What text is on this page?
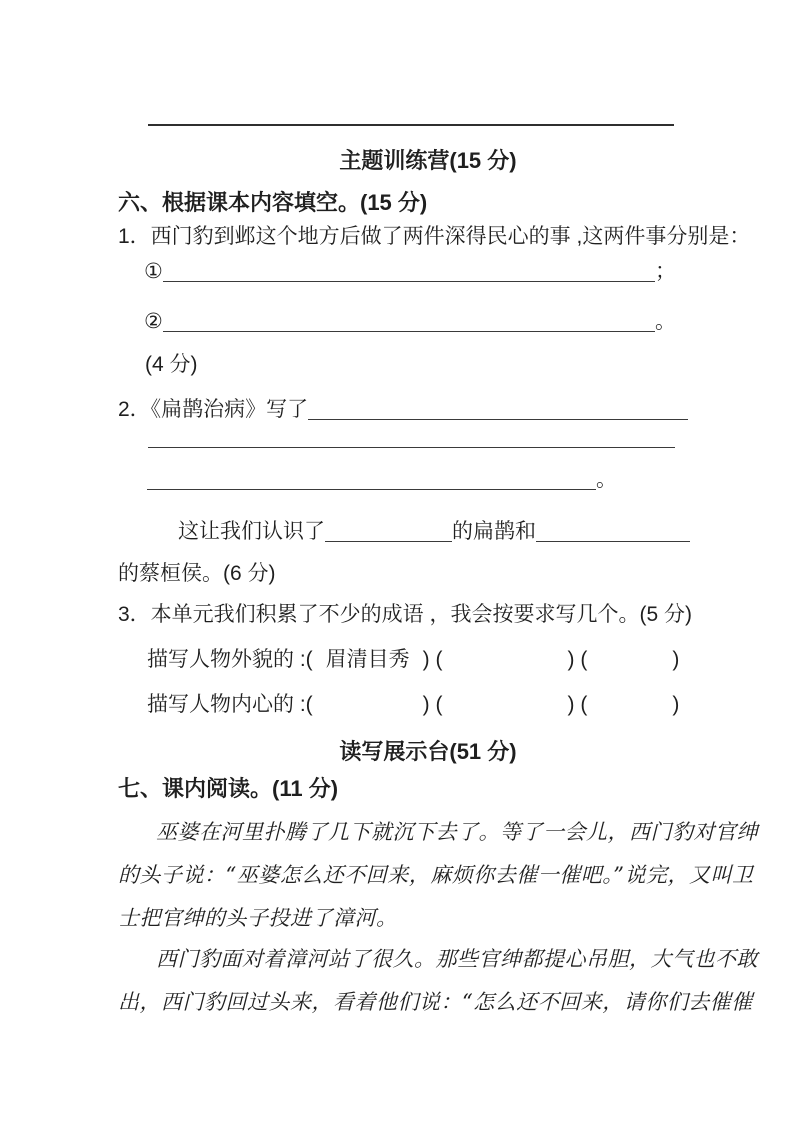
主题训练营(15 分)
六、根据课本内容填空。(15 分)
1．西门豹到邺这个地方后做了两件深得民心的事 ,这两件事分别是：
①	；
②	。
(4 分)
2．《扁鹊治病》写了
。
这让我们认识了	的扁鹊和
的蔡桓侯。(6 分)
3．本单元我们积累了不少的成语 ，我会按要求写几个。(5 分)
描写人物外貌的 : ( 眉清目秀 )
(	)
(	)
描写人物内心的 : (	)
(	)
(	)
读写展示台(51 分)
七、课内阅读。(11 分)
巫婆在河里扑腾了几下就沉下去了。等了一会儿，西门豹对官绅
的头子说：“巫婆怎么还不回来，麻烦你去催一催吧。”说完，又叫卫
士把官绅的头子投进了漳河。
西门豹面对着漳河站了很久。那些官绅都提心吊胆，大气也不敢
出，西门豹回过头来，看着他们说：“怎么还不回来，请你们去催催
